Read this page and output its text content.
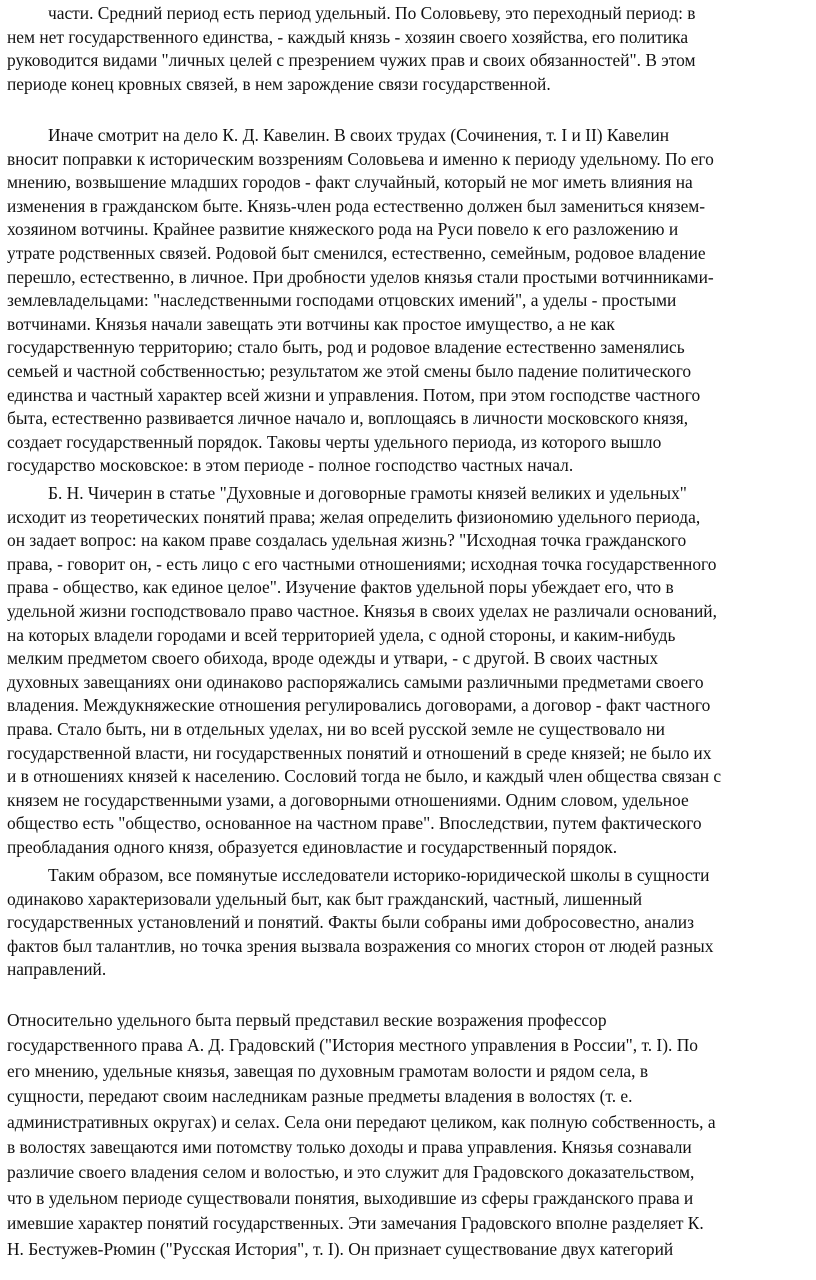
части. Средний период есть период удельный. По Соловьеву, это переходный период: в
нем нет государственного единства, - каждый князь - хозяин своего хозяйства, его политика
руководится видами "личных целей с презрением чужих прав и своих обязанностей". В этом
периоде конец кровных связей, в нем зарождение связи государственной.
Иначе смотрит на дело К. Д. Кавелин. В своих трудах (Сочинения, т. I и II) Кавелин
вносит поправки к историческим воззрениям Соловьева и именно к периоду удельному. По его
мнению, возвышение младших городов - факт случайный, который не мог иметь влияния на
изменения в гражданском быте. Князь-член рода естественно должен был замениться князем-
хозяином вотчины. Крайнее развитие княжеского рода на Руси повело к его разложению и
утрате родственных связей. Родовой быт сменился, естественно, семейным, родовое владение
перешло, естественно, в личное. При дробности уделов князья стали простыми вотчинниками-
землевладельцами: "наследственными господами отцовских имений", а уделы - простыми
вотчинами. Князья начали завещать эти вотчины как простое имущество, а не как
государственную территорию; стало быть, род и родовое владение естественно заменялись
семьей и частной собственностью; результатом же этой смены было падение политического
единства и частный характер всей жизни и управления. Потом, при этом господстве частного
быта, естественно развивается личное начало и, воплощаясь в личности московского князя,
создает государственный порядок. Таковы черты удельного периода, из которого вышло
государство московское: в этом периоде - полное господство частных начал.
Б. Н. Чичерин в статье "Духовные и договорные грамоты князей великих и удельных"
исходит из теоретических понятий права; желая определить физиономию удельного периода,
он задает вопрос: на каком праве создалась удельная жизнь? "Исходная точка гражданского
права, - говорит он, - есть лицо с его частными отношениями; исходная точка государственного
права - общество, как единое целое". Изучение фактов удельной поры убеждает его, что в
удельной жизни господствовало право частное. Князья в своих уделах не различали оснований,
на которых владели городами и всей территорией удела, с одной стороны, и каким-нибудь
мелким предметом своего обихода, вроде одежды и утвари, - с другой. В своих частных
духовных завещаниях они одинаково распоряжались самыми различными предметами своего
владения. Междукняжеские отношения регулировались договорами, а договор - факт частного
права. Стало быть, ни в отдельных уделах, ни во всей русской земле не существовало ни
государственной власти, ни государственных понятий и отношений в среде князей; не было их
и в отношениях князей к населению. Сословий тогда не было, и каждый член общества связан с
князем не государственными узами, а договорными отношениями. Одним словом, удельное
общество есть "общество, основанное на частном праве". Впоследствии, путем фактического
преобладания одного князя, образуется единовластие и государственный порядок.
Таким образом, все помянутые исследователи историко-юридической школы в сущности
одинаково характеризовали удельный быт, как быт гражданский, частный, лишенный
государственных установлений и понятий. Факты были собраны ими добросовестно, анализ
фактов был талантлив, но точка зрения вызвала возражения со многих сторон от людей разных
направлений.
Относительно удельного быта первый представил веские возражения профессор
государственного права А. Д. Градовский ("История местного управления в России", т. I). По
его мнению, удельные князья, завещая по духовным грамотам волости и рядом села, в
сущности, передают своим наследникам разные предметы владения в волостях (т. е.
административных округах) и селах. Села они передают целиком, как полную собственность, а
в волостях завещаются ими потомству только доходы и права управления. Князья сознавали
различие своего владения селом и волостью, и это служит для Градовского доказательством,
что в удельном периоде существовали понятия, выходившие из сферы гражданского права и
имевшие характер понятий государственных. Эти замечания Градовского вполне разделяет К.
Н. Бестужев-Рюмин ("Русская История", т. I). Он признает существование двух категорий
